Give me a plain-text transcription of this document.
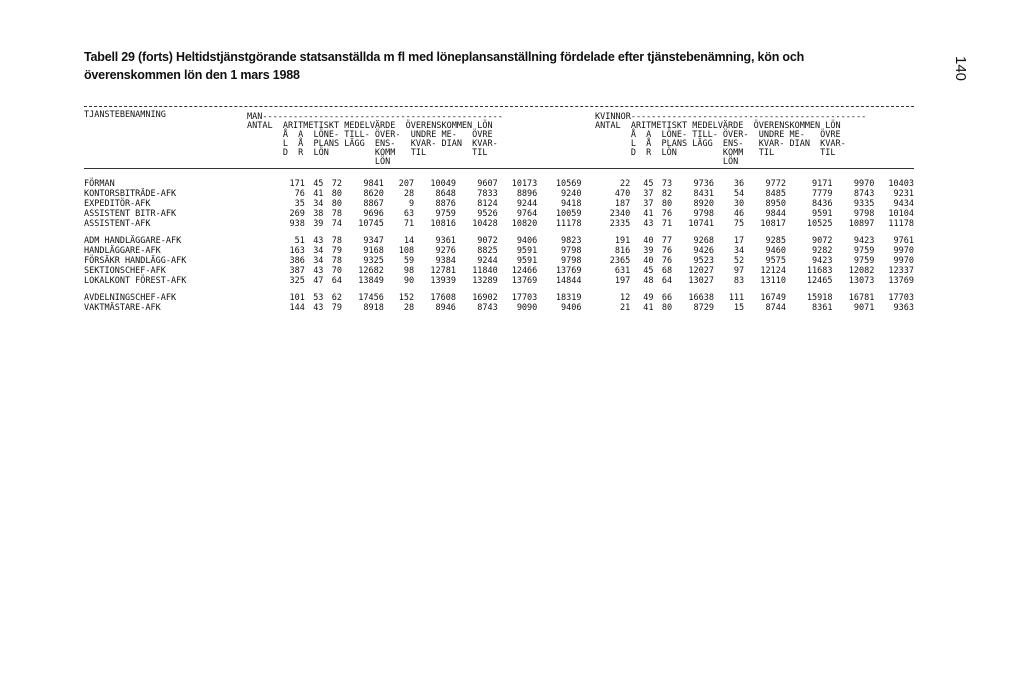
Tabell 29 (forts) Heltidstjänstgörande statsanställda m fl med löneplansanställning fördelade efter tjänstebenämning, kön och överenskommen lön den 1 mars 1988	140
TJANSTEBENAMNING	MAN-----------------------------------------------	KVINNOR----------------------------------------------
ANTAL  ARITMETISKT MEDELVÄRDE  ÖVERENSKOMMEN LÖN
Å  A  LÖNE- TILL- ÖVER-  UNDRE ME-   ÖVRE
L  Å  PLANS LÄGG  ENS-   KVAR- DIAN  KVAR-
D  R  LÖN         KOMM   TIL         TIL
LÖN
ANTAL  ARITMETISKT MEDELVÄRDE  ÖVERENSKOMMEN LÖN
Å  A  LÖNE- TILL- ÖVER-  UNDRE ME-   ÖVRE
L  Å  PLANS LÄGG  ENS-   KVAR- DIAN  KVAR-
D  R  LÖN         KOMM   TIL         TIL
LÖN
FÖRMAN	171	45	72	9841	207	10049	9607	10173	10569	22	45	73	9736	36	9772	9171	9970	10403
KONTORSBITRÄDE-AFK	76	41	80	8620	28	8648	7833	8896	9240	470	37	82	8431	54	8485	7779	8743	9231
EXPEDITÖR-AFK	35	34	80	8867	9	8876	8124	9244	9418	187	37	80	8920	30	8950	8436	9335	9434
ASSISTENT BITR-AFK	269	38	78	9696	63	9759	9526	9764	10059	2340	41	76	9798	46	9844	9591	9798	10104
ASSISTENT-AFK	938	39	74	10745	71	10816	10428	10820	11178	2335	43	71	10741	75	10817	10525	10897	11178

ADM HANDLÄGGARE-AFK	51	43	78	9347	14	9361	9072	9406	9823	191	40	77	9268	17	9285	9072	9423	9761
HANDLÄGGARE-AFK	163	34	79	9168	108	9276	8825	9591	9798	816	39	76	9426	34	9460	9282	9759	9970
FÖRSÄKR HANDLÄGG-AFK	386	34	78	9325	59	9384	9244	9591	9798	2365	40	76	9523	52	9575	9423	9759	9970
SEKTIONSCHEF-AFK	387	43	70	12682	98	12781	11840	12466	13769	631	45	68	12027	97	12124	11683	12082	12337
LOKALKONT FÖREST-AFK	325	47	64	13849	90	13939	13289	13769	14844	197	48	64	13027	83	13110	12465	13073	13769

AVDELNINGSCHEF-AFK	101	53	62	17456	152	17608	16902	17703	18319	12	49	66	16638	111	16749	15918	16781	17703
VAKTMÄSTARE-AFK	144	43	79	8918	28	8946	8743	9090	9406	21	41	80	8729	15	8744	8361	9071	9363
